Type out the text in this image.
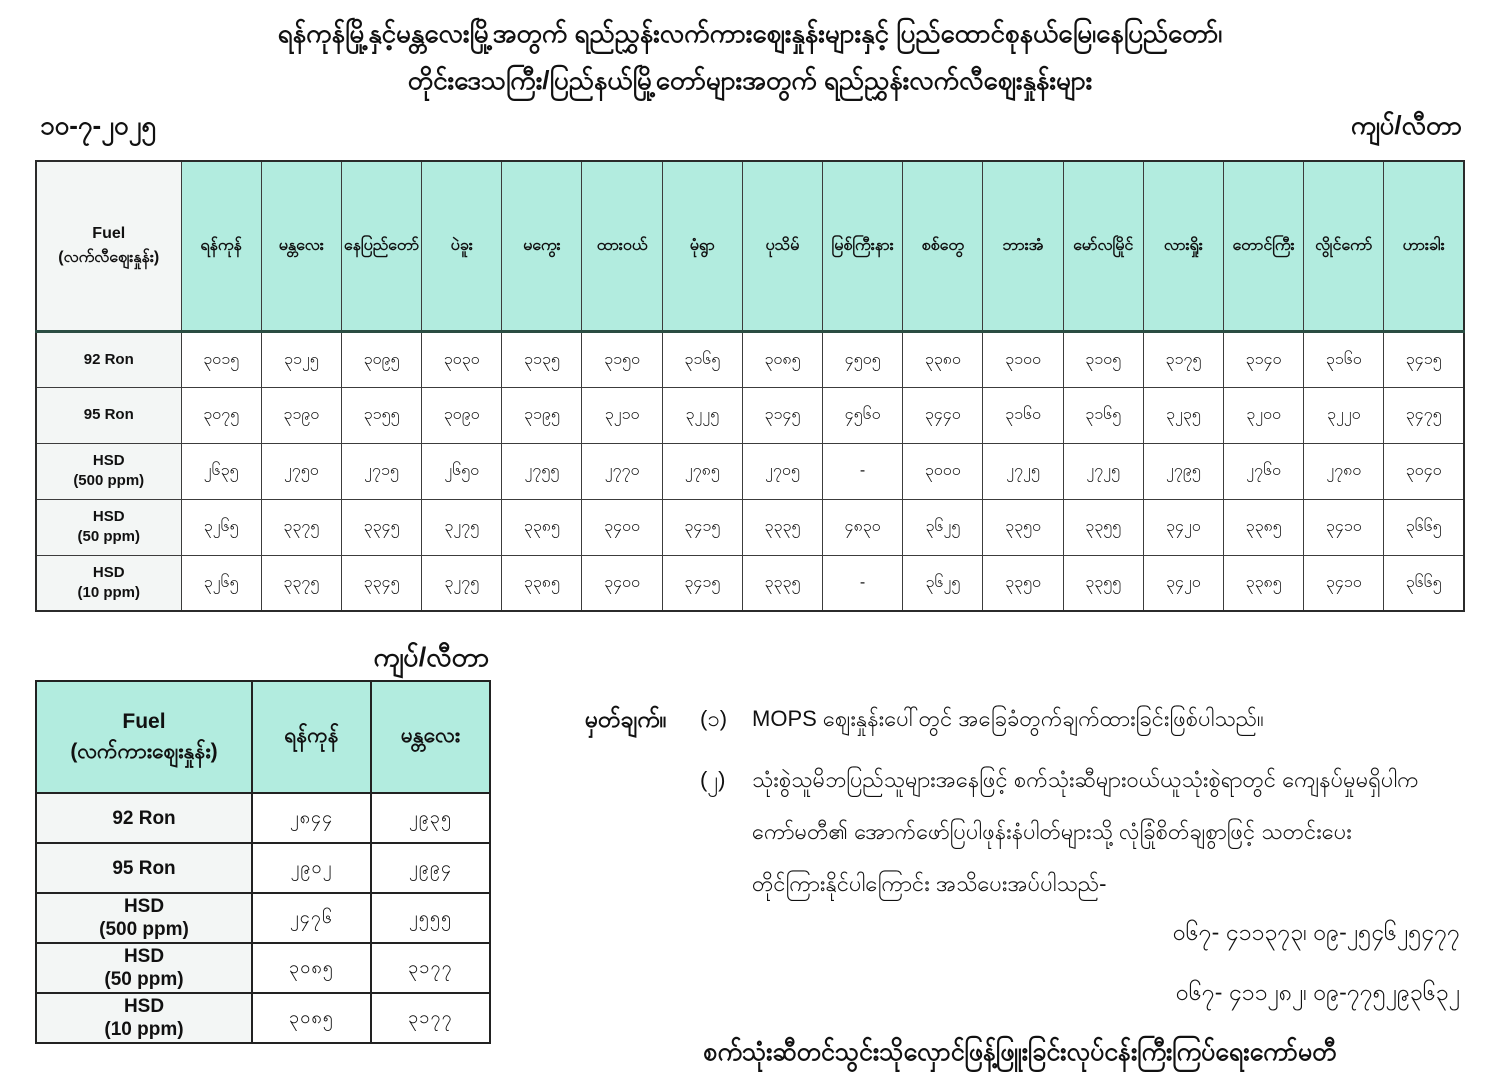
ရန်ကုန်မြို့နှင့်မန္တလေးမြို့အတွက် ရည်ညွှန်းလက်ကားဈေးနှုန်းများနှင့် ပြည်ထောင်စုနယ်မြေ၊နေပြည်တော်၊
တိုင်းဒေသကြီး/ပြည်နယ်မြို့တော်များအတွက် ရည်ညွှန်းလက်လီဈေးနှုန်းများ
၁၀-၇-၂၀၂၅	ကျပ်/လီတာ
Fuel
(လက်လီဈေးနှုန်း)	ရန်ကုန်	မန္တလေး	နေပြည်တော်	ပဲခူး	မကွေး	ထားဝယ်	မုံရွာ	ပုသိမ်	မြစ်ကြီးနား	စစ်တွေ	ဘားအံ	မော်လမြိုင်	လားရှိုး	တောင်ကြီး	လွိုင်ကော်	ဟားခါး

92 Ron	၃၀၁၅	၃၁၂၅	၃၀၉၅	၃၀၃၀	၃၁၃၅	၃၁၅၀	၃၁၆၅	၃၀၈၅	၄၅၀၅	၃၃၈၀	၃၁၀၀	၃၁၀၅	၃၁၇၅	၃၁၄၀	၃၁၆၀	၃၄၁၅

95 Ron	၃၀၇၅	၃၁၉၀	၃၁၅၅	၃၀၉၀	၃၁၉၅	၃၂၁၀	၃၂၂၅	၃၁၄၅	၄၅၆၀	၃၄၄၀	၃၁၆၀	၃၁၆၅	၃၂၃၅	၃၂၀၀	၃၂၂၀	၃၄၇၅

HSD
(500 ppm)	၂၆၃၅	၂၇၅၀	၂၇၁၅	၂၆၅၀	၂၇၅၅	၂၇၇၀	၂၇၈၅	၂၇၀၅	-	၃၀၀၀	၂၇၂၅	၂၇၂၅	၂၇၉၅	၂၇၆၀	၂၇၈၀	၃၀၄၀

HSD
(50 ppm)	၃၂၆၅	၃၃၇၅	၃၃၄၅	၃၂၇၅	၃၃၈၅	၃၄၀၀	၃၄၁၅	၃၃၃၅	၄၈၃၀	၃၆၂၅	၃၃၅၀	၃၃၅၅	၃၄၂၀	၃၃၈၅	၃၄၁၀	၃၆၆၅

HSD
(10 ppm)	၃၂၆၅	၃၃၇၅	၃၃၄၅	၃၂၇၅	၃၃၈၅	၃၄၀၀	၃၄၁၅	၃၃၃၅	-	၃၆၂၅	၃၃၅၀	၃၃၅၅	၃၄၂၀	၃၃၈၅	၃၄၁၀	၃၆၆၅
ကျပ်/လီတာ
Fuel
(လက်ကားဈေးနှုန်း)	ရန်ကုန်	မန္တလေး

92 Ron	၂၈၄၄	၂၉၃၅

95 Ron	၂၉၀၂	၂၉၉၄

HSD
(500 ppm)	၂၄၇၆	၂၅၅၅

HSD
(50 ppm)	၃၀၈၅	၃၁၇၇

HSD
(10 ppm)	၃၀၈၅	၃၁၇၇
မှတ်ချက်။	(၁)	MOPS ဈေးနှုန်းပေါ်တွင် အခြေခံတွက်ချက်ထားခြင်းဖြစ်ပါသည်။
(၂)	သုံးစွဲသူမိဘပြည်သူများအနေဖြင့် စက်သုံးဆီများဝယ်ယူသုံးစွဲရာတွင် ကျေနပ်မှုမရှိပါက
ကော်မတီ၏ အောက်ဖော်ပြပါဖုန်းနံပါတ်များသို့ လုံခြုံစိတ်ချစွာဖြင့် သတင်းပေး
တိုင်ကြားနိုင်ပါကြောင်း အသိပေးအပ်ပါသည်-
ဝ၆၇- ၄၁၁၃၇၃၊ ဝ၉-၂၅၄၆၂၅၄၇၇
ဝ၆၇- ၄၁၁၂၈၂၊ ဝ၉-၇၇၅၂၉၃၆၃၂
စက်သုံးဆီတင်သွင်းသိုလှောင်ဖြန့်ဖြူးခြင်းလုပ်ငန်းကြီးကြပ်ရေးကော်မတီ
